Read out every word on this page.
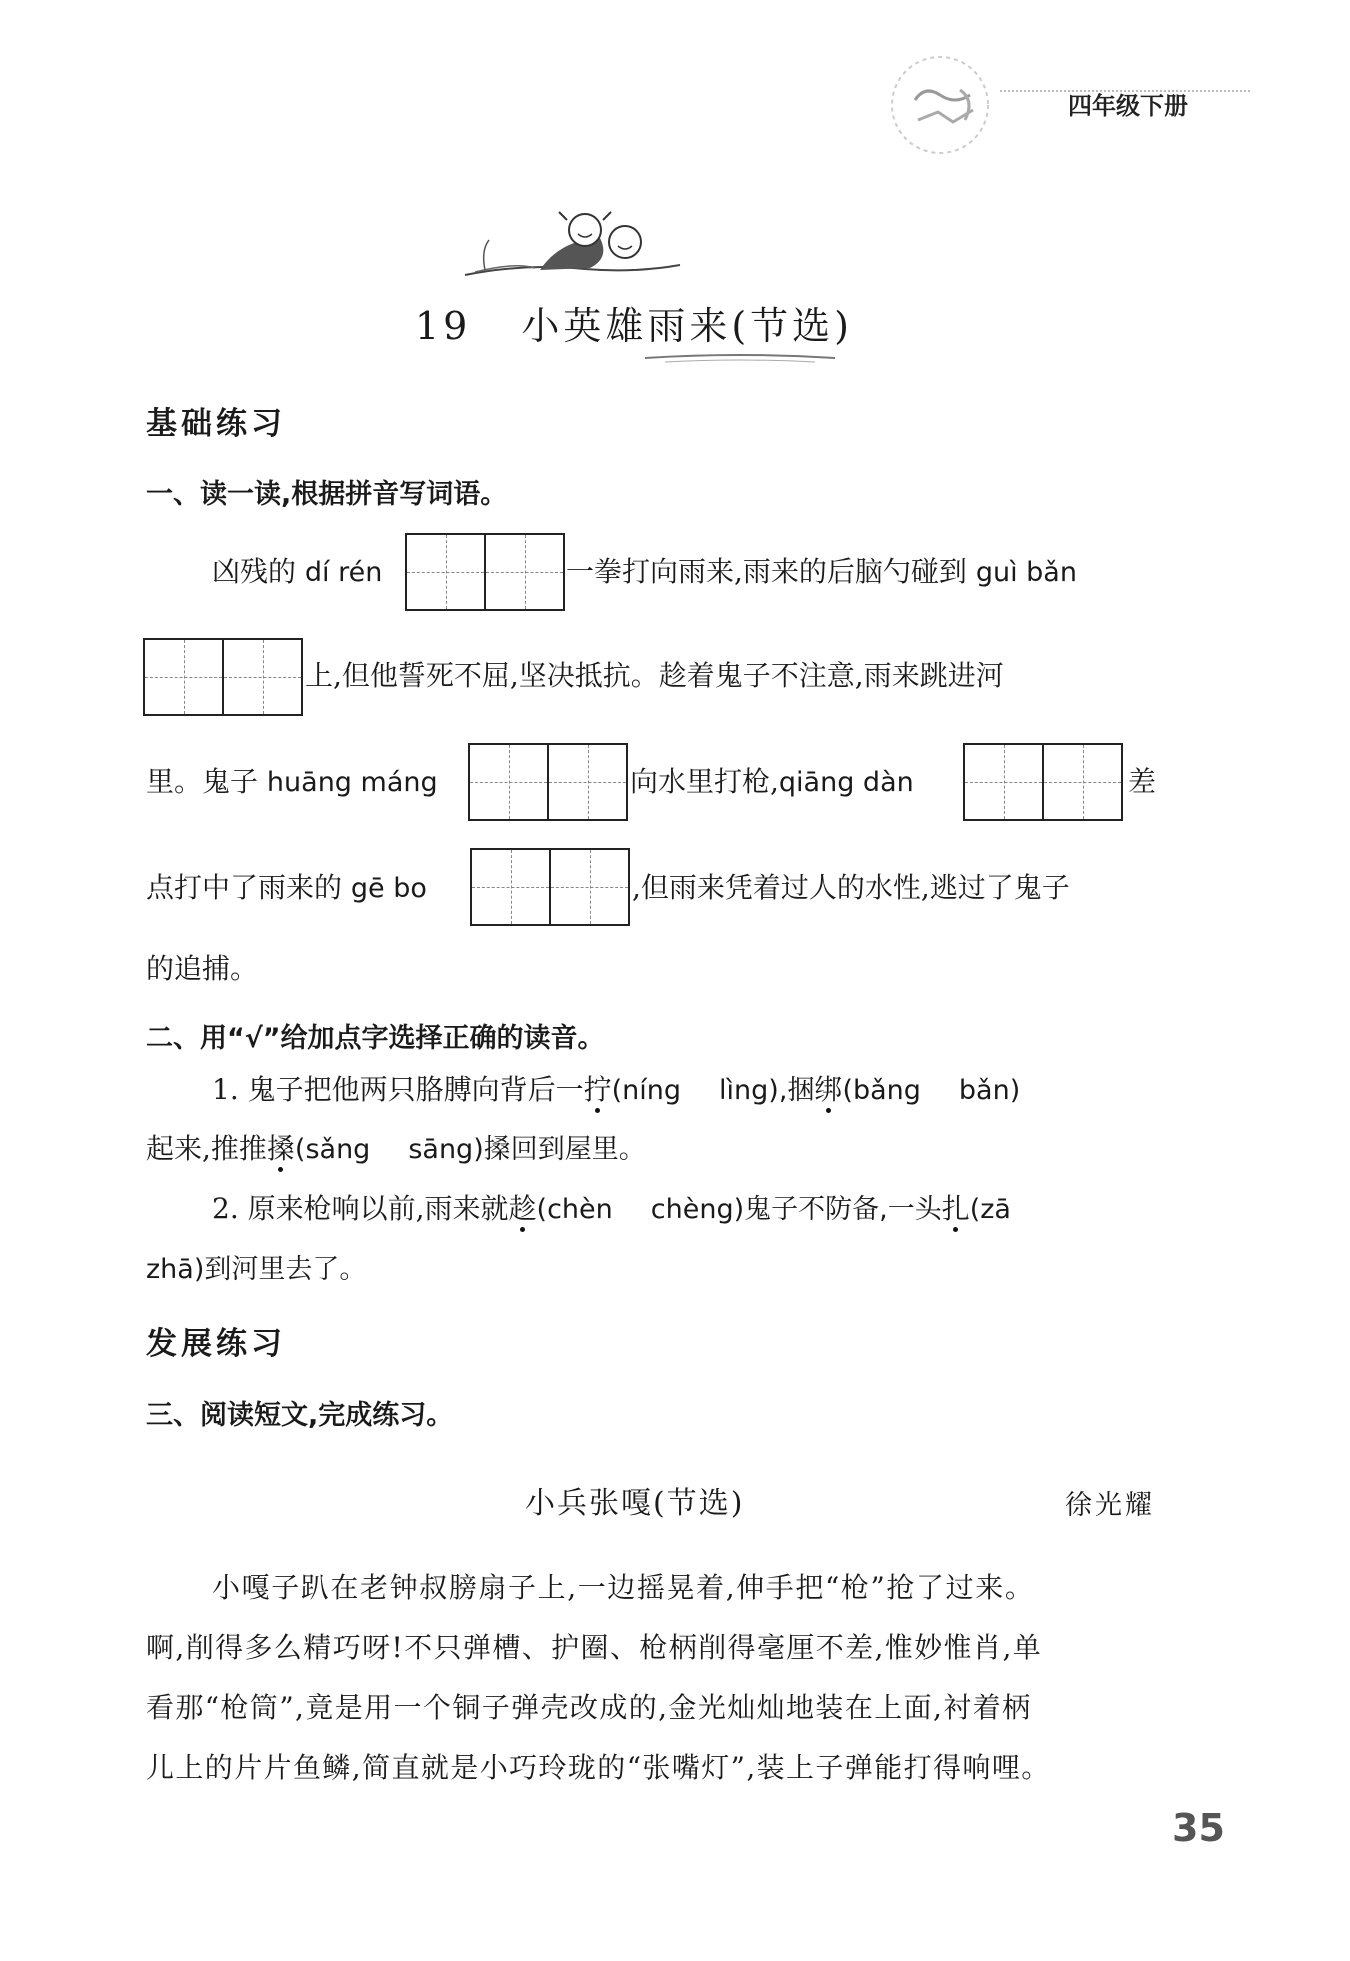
四年级下册
19 小英雄雨来(节选)
基础练习
一、读一读,根据拼音写词语。
凶残的 dí rén	一拳打向雨来,雨来的后脑勺碰到 guì bǎn
上,但他誓死不屈,坚决抵抗。趁着鬼子不注意,雨来跳进河
里。鬼子 huāng máng	向水里打枪,qiāng dàn	差
点打中了雨来的 gē bo	,但雨来凭着过人的水性,逃过了鬼子
的追捕。
二、用“√”给加点字选择正确的读音。
1. 鬼子把他两只胳膊向背后一拧(níng lìng),捆绑(bǎng bǎn)
起来,推推搡(sǎng sāng)搡回到屋里。
2. 原来枪响以前,雨来就趁(chèn chèng)鬼子不防备,一头扎(zā
zhā)到河里去了。
发展练习
三、阅读短文,完成练习。
小兵张嘎(节选)	徐光耀
小嘎子趴在老钟叔膀扇子上,一边摇晃着,伸手把“枪”抢了过来。
啊,削得多么精巧呀!不只弹槽、护圈、枪柄削得毫厘不差,惟妙惟肖,单
看那“枪筒”,竟是用一个铜子弹壳改成的,金光灿灿地装在上面,衬着柄
儿上的片片鱼鳞,简直就是小巧玲珑的“张嘴灯”,装上子弹能打得响哩。
35
